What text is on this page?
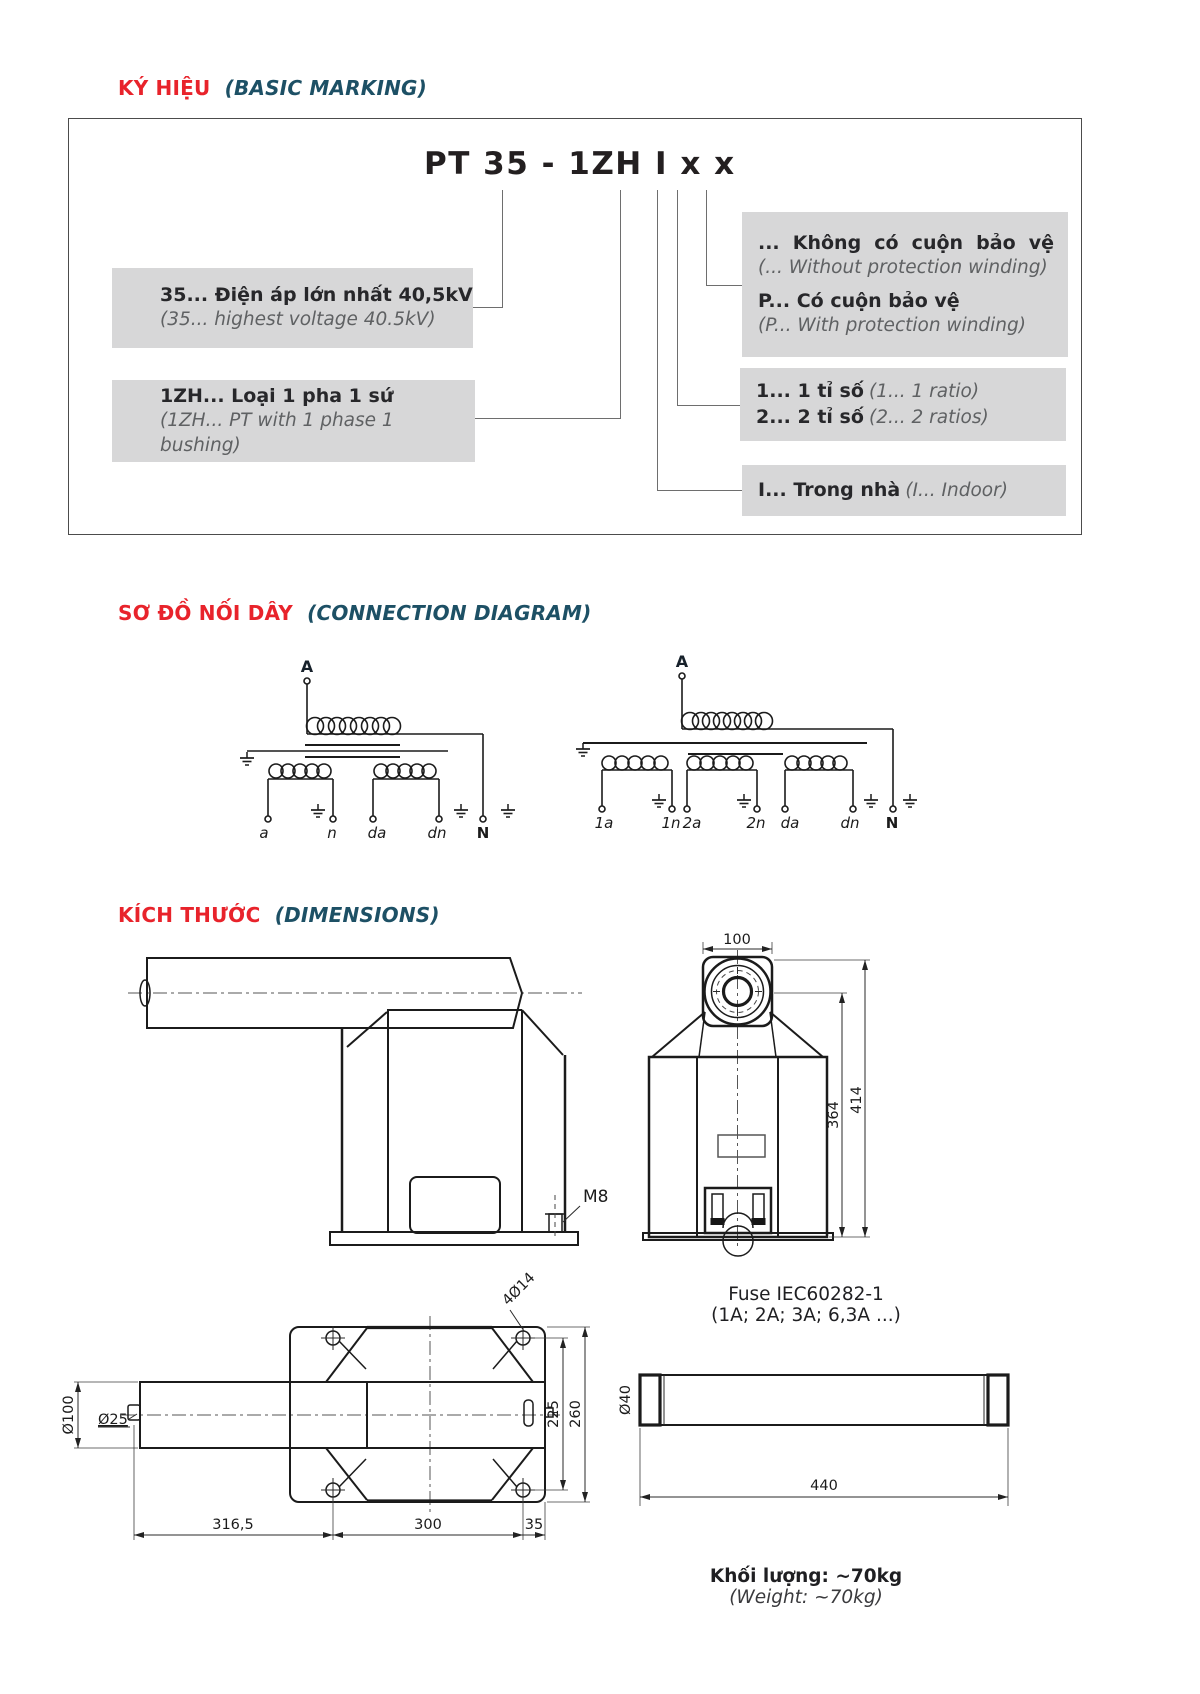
KÝ HIỆU (BASIC MARKING)
PT 35 - 1ZH I x x
35... Điện áp lớn nhất 40,5kV
(35... highest voltage 40.5kV)
1ZH... Loại 1 pha 1 sứ
(1ZH... PT with 1 phase 1 bushing)
... Không có cuộn bảo vệ
(... Without protection winding)
P... Có cuộn bảo vệ
(P... With protection winding)
1... 1 tỉ số (1... 1 ratio)
2... 2 tỉ số (2... 2 ratios)
I... Trong nhà (I... Indoor)
SƠ ĐỒ NỐI DÂY (CONNECTION DIAGRAM)
A
a	n da	dn N
A
1a	1n 2a	2n da	dn N
KÍCH THƯỚC (DIMENSIONS)
M8
100
364
414
4Ø14
Ø100 Ø25	225 260
316,5	300	35
Ø40
440
Fuse IEC60282-1
(1A; 2A; 3A; 6,3A ...)
Khối lượng: ~70kg
(Weight: ~70kg)
